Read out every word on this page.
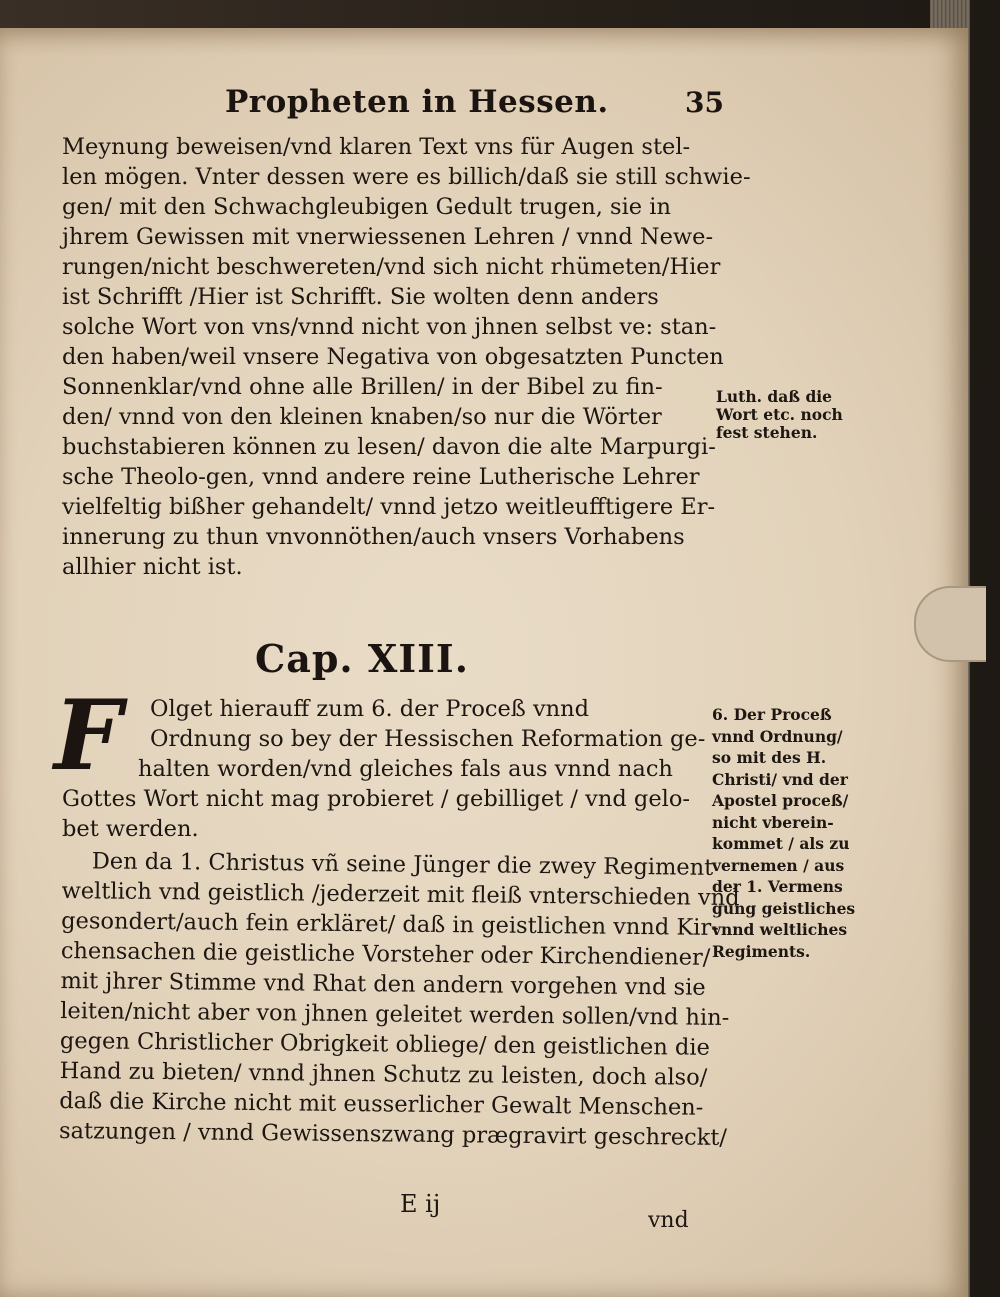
Propheten in Hessen.	35
Meynung beweisen/vnd klaren Text vns für Augen stel-
len mögen. Vnter dessen were es billich/daß sie still schwie-
gen/ mit den Schwachgleubigen Gedult trugen, sie in
jhrem Gewissen mit vnerwiessenen Lehren / vnnd Newe-
rungen/nicht beschwereten/vnd sich nicht rhümeten/Hier
ist Schrifft /Hier ist Schrifft. Sie wolten denn anders
solche Wort von vns/vnnd nicht von jhnen selbst ve: stan-
den haben/weil vnsere Negativa von obgesatzten Puncten
Sonnenklar/vnd ohne alle Brillen/ in der Bibel zu fin-
den/ vnnd von den kleinen knaben/so nur die Wörter
buchstabieren können zu lesen/ davon die alte Marpurgi-
sche Theolo-gen, vnnd andere reine Lutherische Lehrer
vielfeltig bißher gehandelt/ vnnd jetzo weitleufftigere Er-
innerung zu thun vnvonnöthen/auch vnsers Vorhabens
allhier nicht ist.
Luth. daß die
Wort etc. noch
fest stehen.
Cap. XIII.
F	Olget hierauff zum 6. der Proceß vnnd
Ordnung so bey der Hessischen Reformation ge-
halten worden/vnd gleiches fals aus vnnd nach
Gottes Wort nicht mag probieret / gebilliget / vnd gelo-
bet werden.
6. Der Proceß
vnnd Ordnung/
so mit des H.
Christi/ vnd der
Apostel proceß/
nicht vberein-
kommet / als zu
vernemen / aus
der 1. Vermens
gung geistliches
vnnd weltliches
Regiments.
Den da 1. Christus vñ seine Jünger die zwey Regiment
weltlich vnd geistlich /jederzeit mit fleiß vnterschieden vnd
gesondert/auch fein erkläret/ daß in geistlichen vnnd Kir-
chensachen die geistliche Vorsteher oder Kirchendiener/
mit jhrer Stimme vnd Rhat den andern vorgehen vnd sie
leiten/nicht aber von jhnen geleitet werden sollen/vnd hin-
gegen Christlicher Obrigkeit obliege/ den geistlichen die
Hand zu bieten/ vnnd jhnen Schutz zu leisten, doch also/
daß die Kirche nicht mit eusserlicher Gewalt Menschen-
satzungen / vnnd Gewissenszwang prægravirt geschreckt/
E ij
vnd
